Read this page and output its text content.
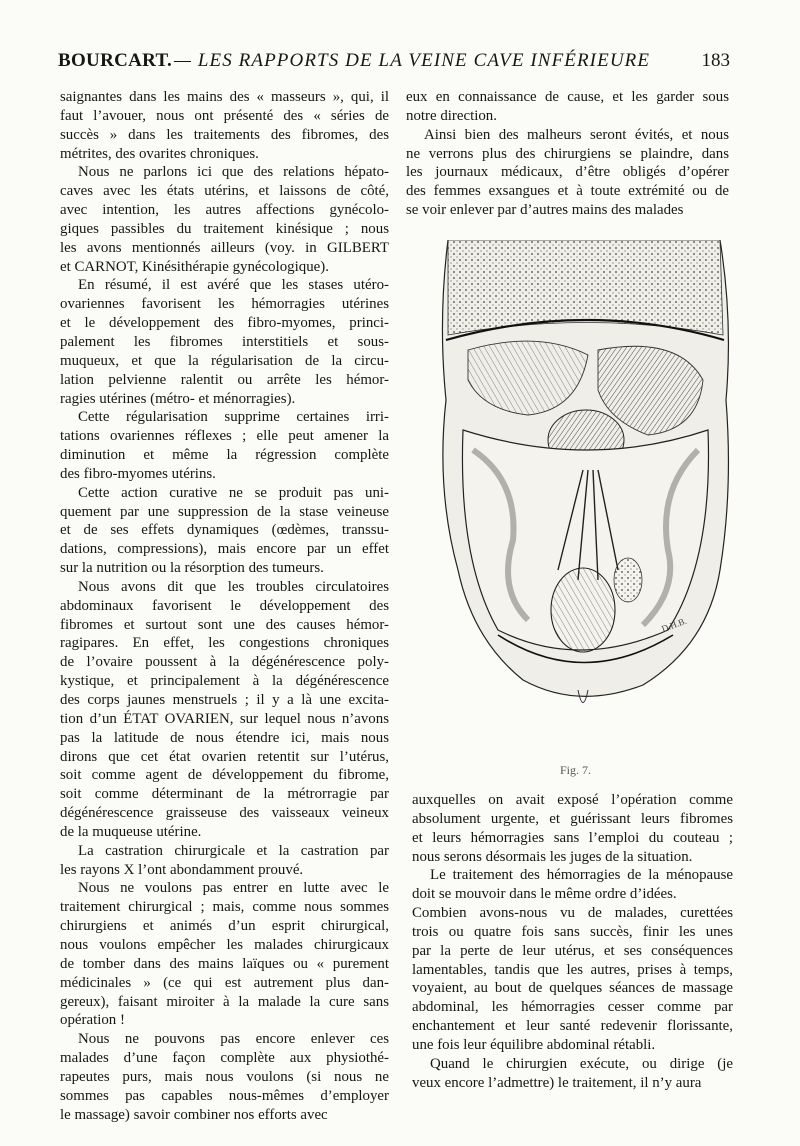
BOURCART. — LES RAPPORTS DE LA VEINE CAVE INFÉRIEURE	183
saignantes dans les mains des « masseurs », qui, il
faut l’avouer, nous ont présenté des « séries de
succès » dans les traitements des fibromes, des
métrites, des ovarites chroniques.
Nous ne parlons ici que des relations hépato-
caves avec les états utérins, et laissons de côté,
avec intention, les autres affections gynécolo-
giques passibles du traitement kinésique ; nous
les avons mentionnés ailleurs (voy. in GILBERT
et CARNOT, Kinésithérapie gynécologique).
En résumé, il est avéré que les stases utéro-
ovariennes favorisent les hémorragies utérines
et le développement des fibro-myomes, princi-
palement les fibromes interstitiels et sous-
muqueux, et que la régularisation de la circu-
lation pelvienne ralentit ou arrête les hémor-
ragies utérines (métro- et ménorragies).
Cette régularisation supprime certaines irri-
tations ovariennes réflexes ; elle peut amener la
diminution et même la régression complète
des fibro-myomes utérins.
Cette action curative ne se produit pas uni-
quement par une suppression de la stase veineuse
et de ses effets dynamiques (œdèmes, transsu-
dations, compressions), mais encore par un effet
sur la nutrition ou la résorption des tumeurs.
Nous avons dit que les troubles circulatoires
abdominaux favorisent le développement des
fibromes et surtout sont une des causes hémor-
ragipares. En effet, les congestions chroniques
de l’ovaire poussent à la dégénérescence poly-
kystique, et principalement à la dégénérescence
des corps jaunes menstruels ; il y a là une excita-
tion d’un ÉTAT OVARIEN, sur lequel nous n’avons
pas la latitude de nous étendre ici, mais nous
dirons que cet état ovarien retentit sur l’utérus,
soit comme agent de développement du fibrome,
soit comme déterminant de la métrorragie par
dégénérescence graisseuse des vaisseaux veineux
de la muqueuse utérine.
La castration chirurgicale et la castration par
les rayons X l’ont abondamment prouvé.
Nous ne voulons pas entrer en lutte avec le
traitement chirurgical ; mais, comme nous sommes
chirurgiens et animés d’un esprit chirurgical,
nous voulons empêcher les malades chirurgicaux
de tomber dans des mains laïques ou « purement
médicinales » (ce qui est autrement plus dan-
gereux), faisant miroiter à la malade la cure sans
opération !
Nous ne pouvons pas encore enlever ces
malades d’une façon complète aux physiothé-
rapeutes purs, mais nous voulons (si nous ne
sommes pas capables nous-mêmes d’employer
le massage) savoir combiner nos efforts avec
eux en connaissance de cause, et les garder sous
notre direction.
Ainsi bien des malheurs seront évités, et nous
ne verrons plus des chirurgiens se plaindre, dans
les journaux médicaux, d’être obligés d’opérer
des femmes exsangues et à toute extrémité ou de
se voir enlever par d’autres mains des malades
D.H.B.
Fig. 7.
auxquelles on avait exposé l’opération comme
absolument urgente, et guérissant leurs fibromes
et leurs hémorragies sans l’emploi du couteau ;
nous serons désormais les juges de la situation.
Le traitement des hémorragies de la ménopause
doit se mouvoir dans le même ordre d’idées.
Combien avons-nous vu de malades, curettées
trois ou quatre fois sans succès, finir les unes
par la perte de leur utérus, et ses conséquences
lamentables, tandis que les autres, prises à temps,
voyaient, au bout de quelques séances de massage
abdominal, les hémorragies cesser comme par
enchantement et leur santé redevenir florissante,
une fois leur équilibre abdominal rétabli.
Quand le chirurgien exécute, ou dirige (je
veux encore l’admettre) le traitement, il n’y aura
